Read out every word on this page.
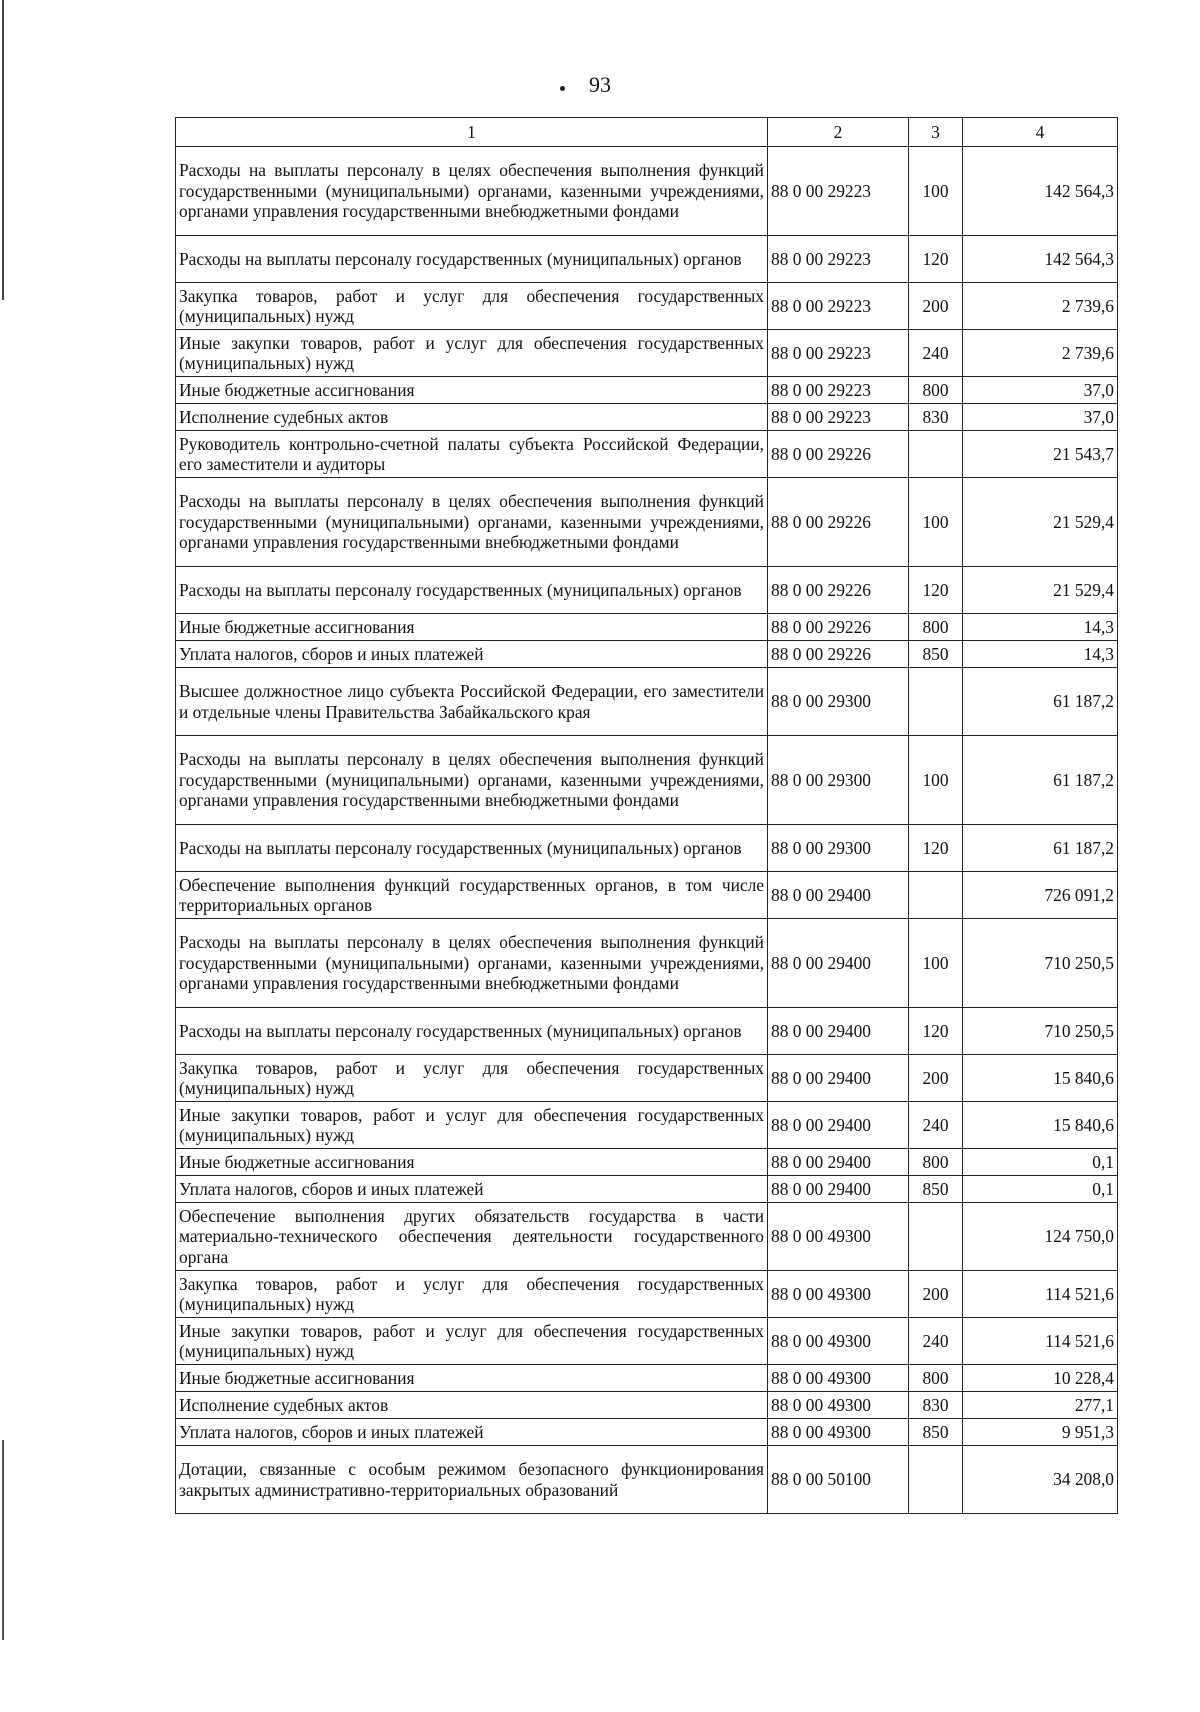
93
1	2	3	4
Расходы на выплаты персоналу в целях обеспечения выполнения функций государственными (муниципальными) органами, казенными учреждениями, органами управления государственными внебюджетными фондами	88 0 00 29223	100	142 564,3
Расходы на выплаты персоналу государственных (муниципальных) органов	88 0 00 29223	120	142 564,3
Закупка товаров, работ и услуг для обеспечения государственных (муниципальных) нужд	88 0 00 29223	200	2 739,6
Иные закупки товаров, работ и услуг для обеспечения государственных (муниципальных) нужд	88 0 00 29223	240	2 739,6
Иные бюджетные ассигнования	88 0 00 29223	800	37,0
Исполнение судебных актов	88 0 00 29223	830	37,0
Руководитель контрольно-счетной палаты субъекта Российской Федерации, его заместители и аудиторы	88 0 00 29226		21 543,7
Расходы на выплаты персоналу в целях обеспечения выполнения функций государственными (муниципальными) органами, казенными учреждениями, органами управления государственными внебюджетными фондами	88 0 00 29226	100	21 529,4
Расходы на выплаты персоналу государственных (муниципальных) органов	88 0 00 29226	120	21 529,4
Иные бюджетные ассигнования	88 0 00 29226	800	14,3
Уплата налогов, сборов и иных платежей	88 0 00 29226	850	14,3
Высшее должностное лицо субъекта Российской Федерации, его заместители и отдельные члены Правительства Забайкальского края	88 0 00 29300		61 187,2
Расходы на выплаты персоналу в целях обеспечения выполнения функций государственными (муниципальными) органами, казенными учреждениями, органами управления государственными внебюджетными фондами	88 0 00 29300	100	61 187,2
Расходы на выплаты персоналу государственных (муниципальных) органов	88 0 00 29300	120	61 187,2
Обеспечение выполнения функций государственных органов, в том числе территориальных органов	88 0 00 29400		726 091,2
Расходы на выплаты персоналу в целях обеспечения выполнения функций государственными (муниципальными) органами, казенными учреждениями, органами управления государственными внебюджетными фондами	88 0 00 29400	100	710 250,5
Расходы на выплаты персоналу государственных (муниципальных) органов	88 0 00 29400	120	710 250,5
Закупка товаров, работ и услуг для обеспечения государственных (муниципальных) нужд	88 0 00 29400	200	15 840,6
Иные закупки товаров, работ и услуг для обеспечения государственных (муниципальных) нужд	88 0 00 29400	240	15 840,6
Иные бюджетные ассигнования	88 0 00 29400	800	0,1
Уплата налогов, сборов и иных платежей	88 0 00 29400	850	0,1
Обеспечение выполнения других обязательств государства в части материально-технического обеспечения деятельности государственного органа	88 0 00 49300		124 750,0
Закупка товаров, работ и услуг для обеспечения государственных (муниципальных) нужд	88 0 00 49300	200	114 521,6
Иные закупки товаров, работ и услуг для обеспечения государственных (муниципальных) нужд	88 0 00 49300	240	114 521,6
Иные бюджетные ассигнования	88 0 00 49300	800	10 228,4
Исполнение судебных актов	88 0 00 49300	830	277,1
Уплата налогов, сборов и иных платежей	88 0 00 49300	850	9 951,3
Дотации, связанные с особым режимом безопасного функционирования закрытых административно-территориальных образований	88 0 00 50100		34 208,0
